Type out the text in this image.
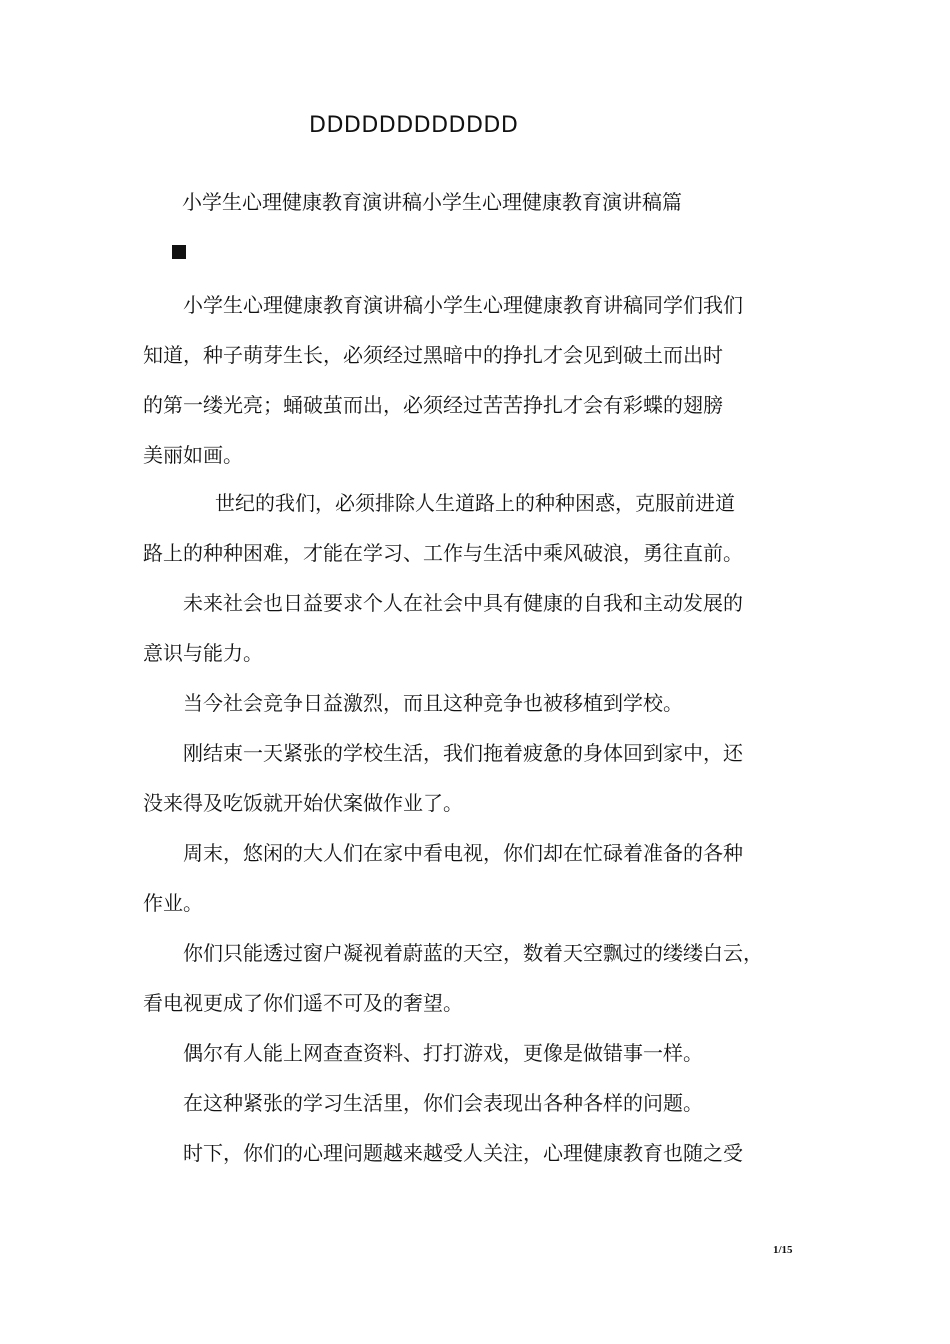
DDDDDDDDDDDD
小学生心理健康教育演讲稿小学生心理健康教育演讲稿篇
小学生心理健康教育演讲稿小学生心理健康教育讲稿同学们我们
知道，种子萌芽生长，必须经过黑暗中的挣扎才会见到破土而出时
的第一缕光亮；蛹破茧而出，必须经过苦苦挣扎才会有彩蝶的翅膀
美丽如画。
世纪的我们，必须排除人生道路上的种种困惑，克服前进道
路上的种种困难，才能在学习、工作与生活中乘风破浪，勇往直前。
未来社会也日益要求个人在社会中具有健康的自我和主动发展的
意识与能力。
当今社会竞争日益激烈，而且这种竞争也被移植到学校。
刚结束一天紧张的学校生活，我们拖着疲惫的身体回到家中，还
没来得及吃饭就开始伏案做作业了。
周末，悠闲的大人们在家中看电视，你们却在忙碌着准备的各种
作业。
你们只能透过窗户凝视着蔚蓝的天空，数着天空飘过的缕缕白云，
看电视更成了你们遥不可及的奢望。
偶尔有人能上网查查资料、打打游戏，更像是做错事一样。
在这种紧张的学习生活里，你们会表现出各种各样的问题。
时下，你们的心理问题越来越受人关注，心理健康教育也随之受
1/15
